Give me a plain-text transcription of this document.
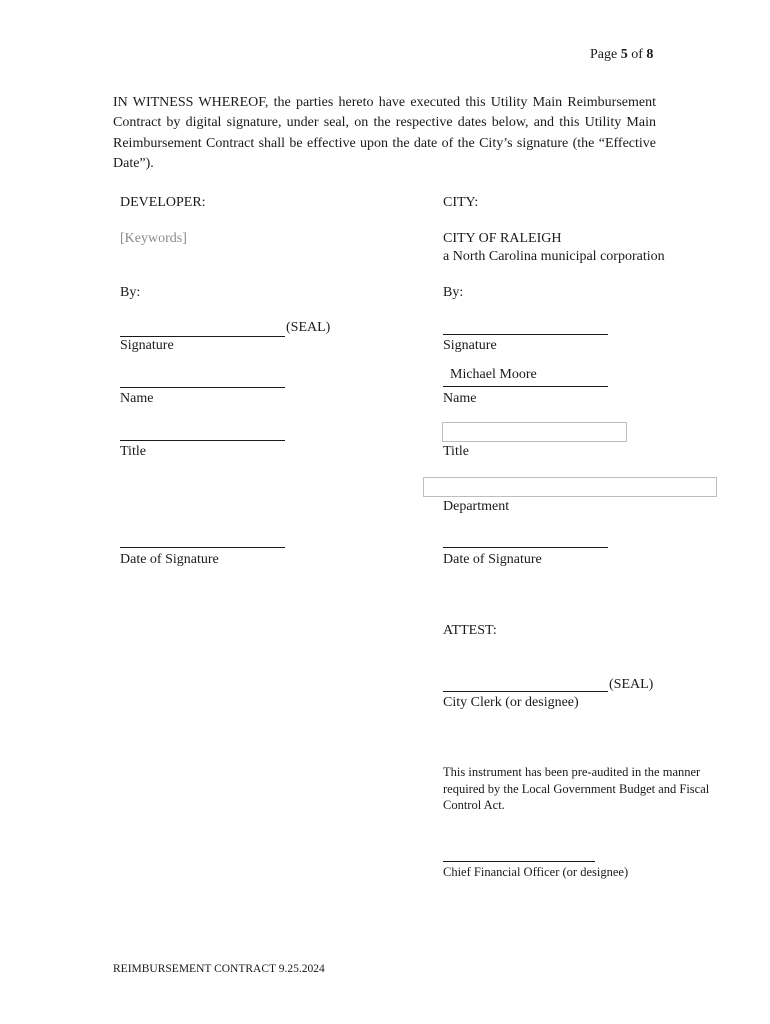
Page 5 of 8
IN WITNESS WHEREOF, the parties hereto have executed this Utility Main Reimbursement Contract by digital signature, under seal, on the respective dates below, and this Utility Main Reimbursement Contract shall be effective upon the date of the City’s signature (the “Effective Date”).
DEVELOPER:
[Keywords]
By:
(SEAL)
Signature
Name
Title
Date of Signature
CITY:
CITY OF RALEIGH
a North Carolina municipal corporation
By:
Signature
Michael Moore
Name
Title
Department
Date of Signature
ATTEST:
(SEAL)
City Clerk (or designee)
This instrument has been pre-audited in the manner required by the Local Government Budget and Fiscal Control Act.
Chief Financial Officer (or designee)
REIMBURSEMENT CONTRACT 9.25.2024
